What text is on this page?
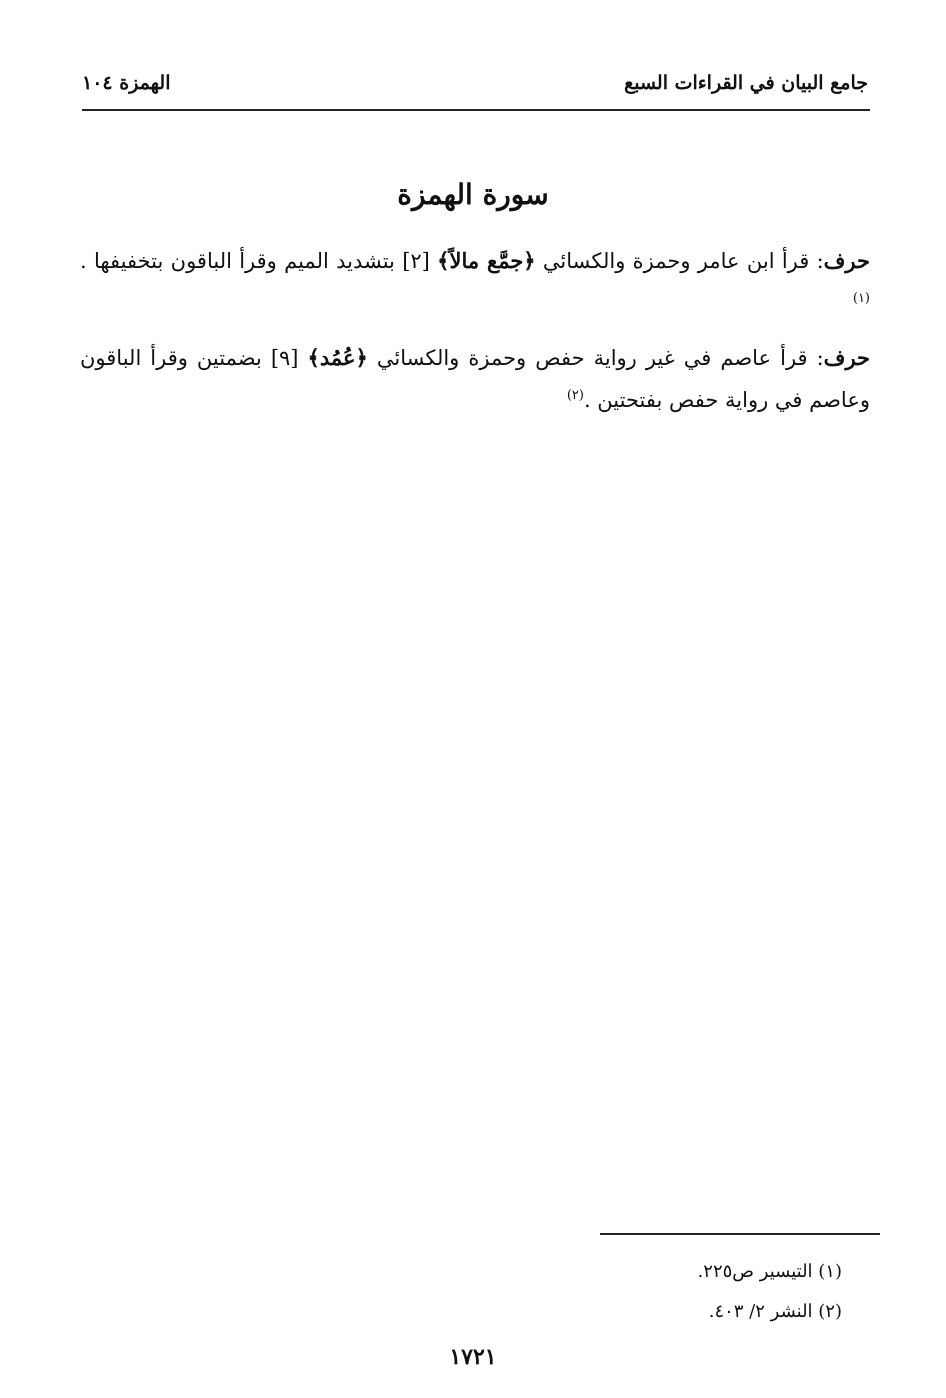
جامع البيان في القراءات السبع
الهمزة ١٠٤
سورة الهمزة
حرف: قرأ ابن عامر وحمزة والكسائي ﴿جمَّع مالاً﴾ [٢] بتشديد الميم وقرأ الباقون بتخفيفها .$^{(١)}$
حرف: قرأ عاصم في غير رواية حفص وحمزة والكسائي ﴿عُمُد﴾ [٩] بضمتين وقرأ الباقون وعاصم في رواية حفص بفتحتين .$^{(٢)}$
(١) التيسير ص٢٢٥.
(٢) النشر ٢/ ٤٠٣.
١٧٢١
